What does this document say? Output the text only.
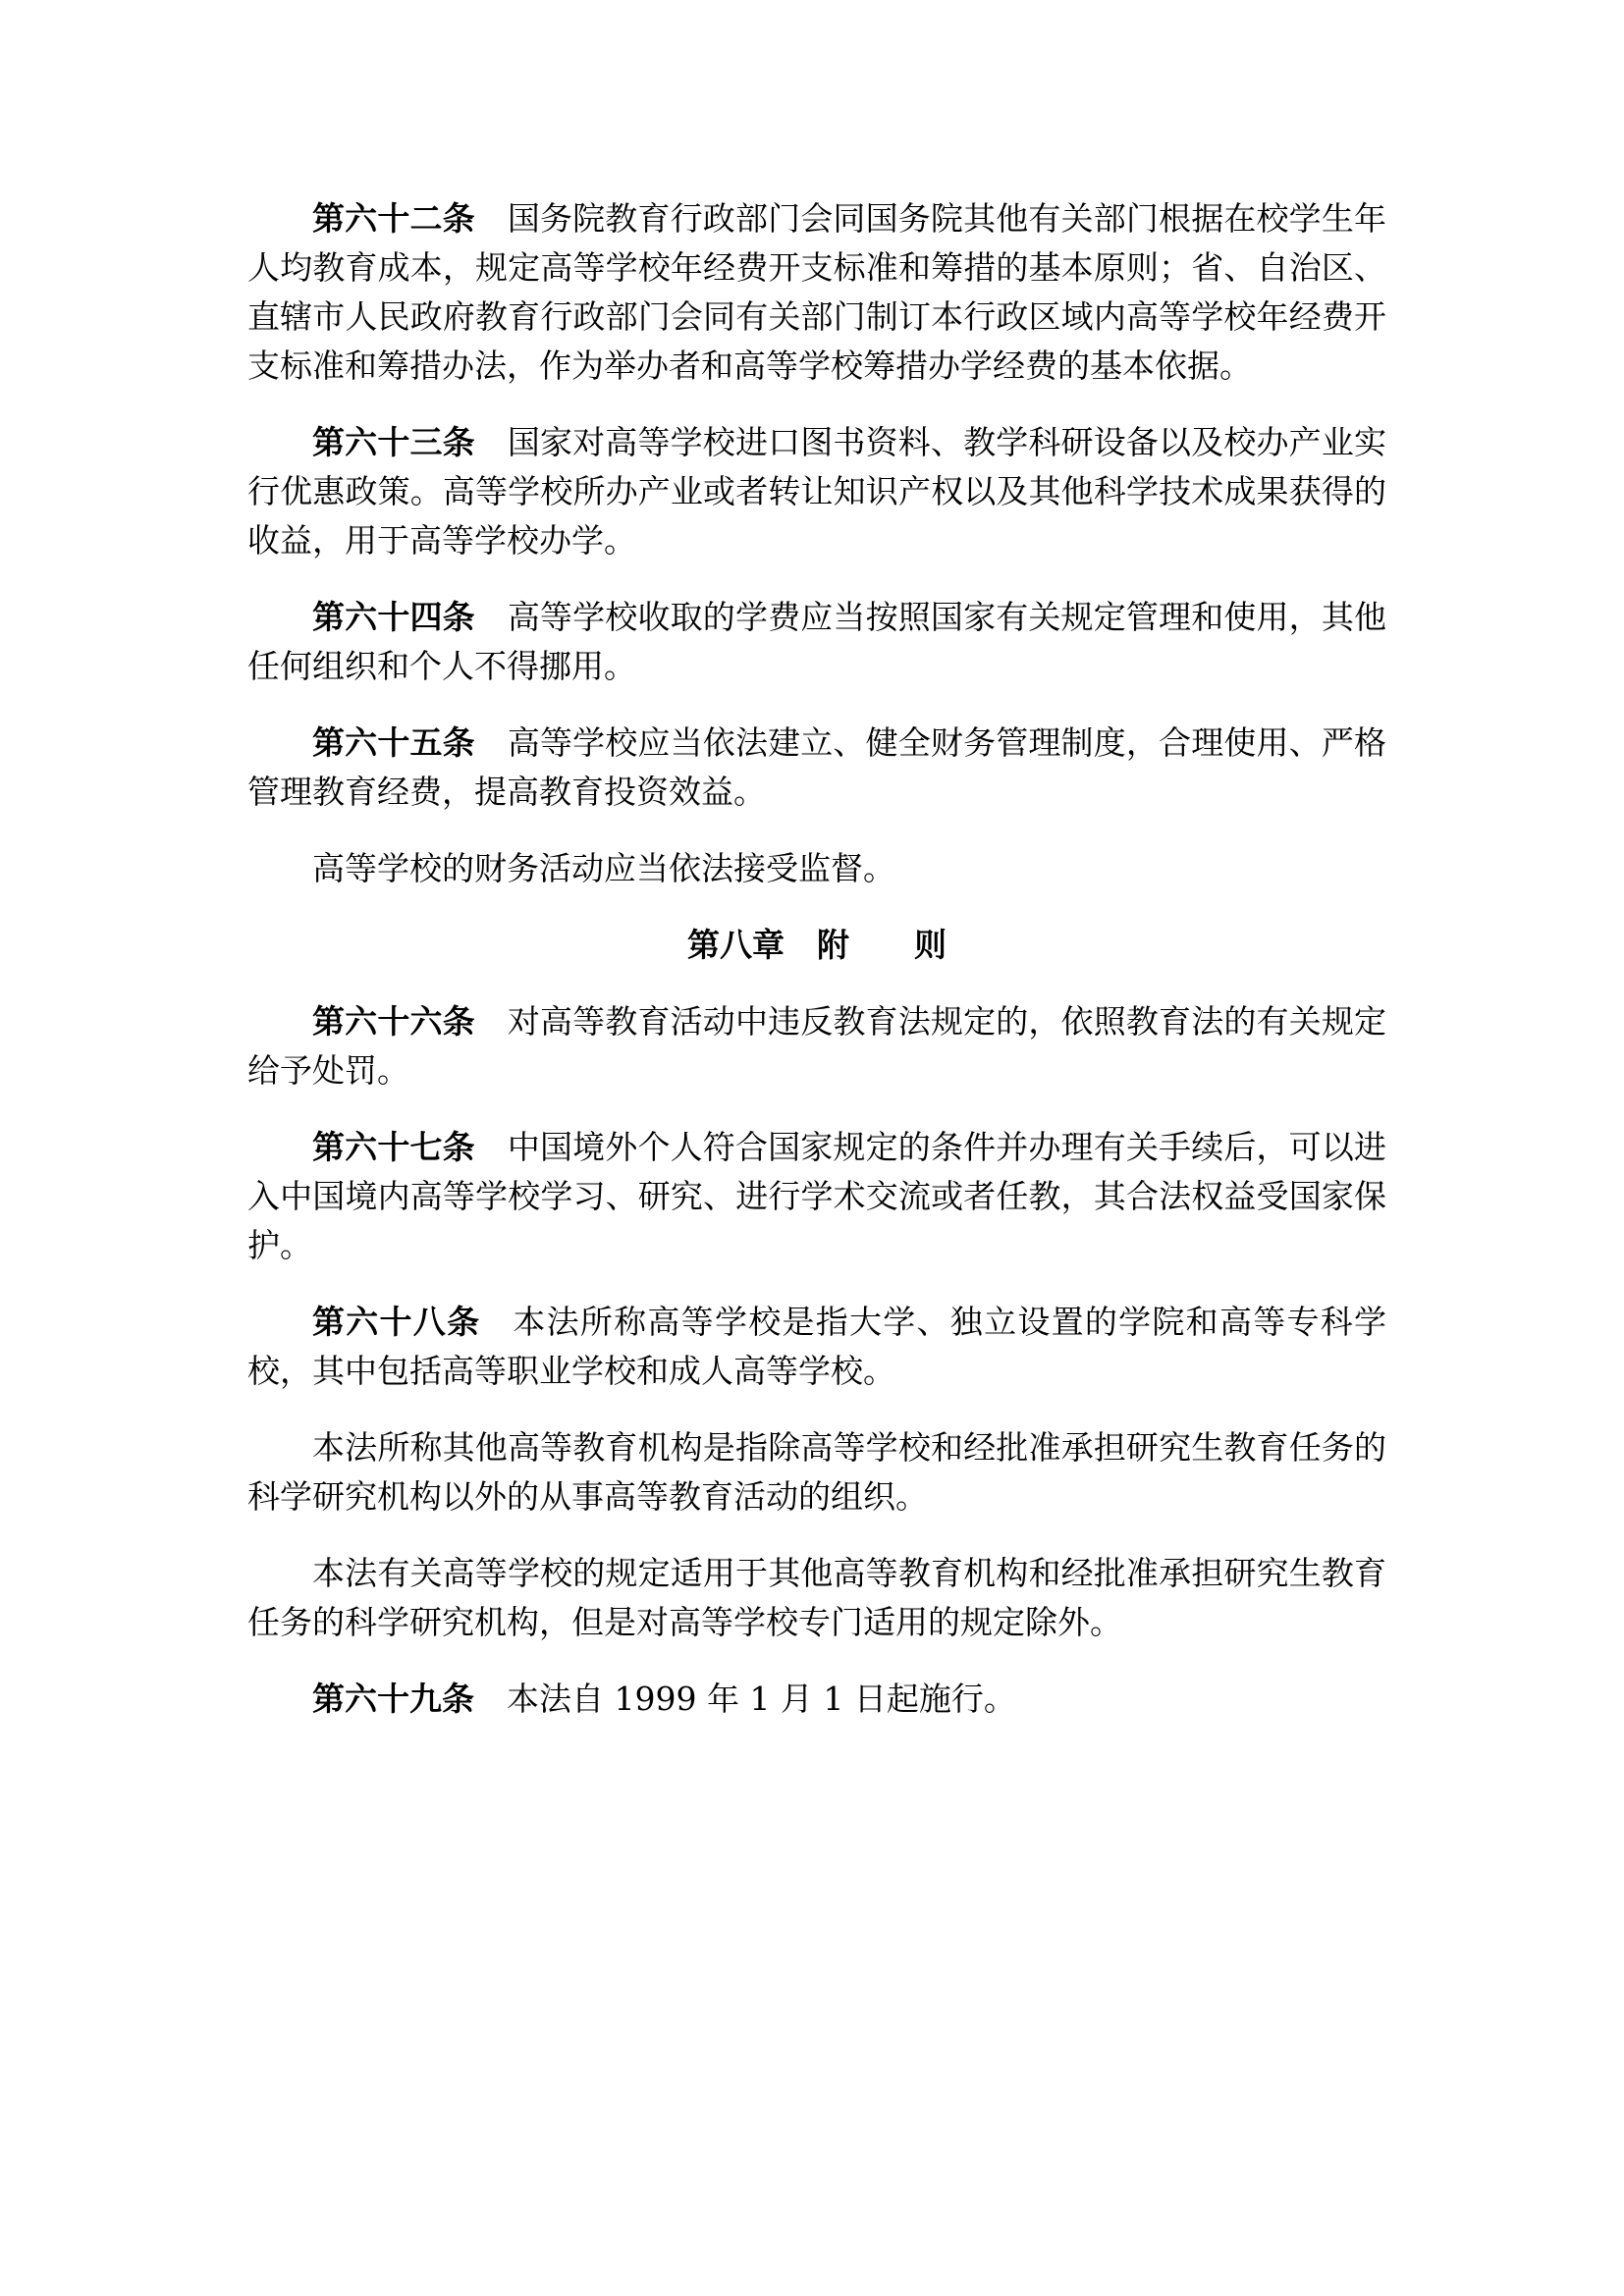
第六十二条 国务院教育行政部门会同国务院其他有关部门根据在校学生年人均教育成本，规定高等学校年经费开支标准和筹措的基本原则；省、自治区、直辖市人民政府教育行政部门会同有关部门制订本行政区域内高等学校年经费开支标准和筹措办法，作为举办者和高等学校筹措办学经费的基本依据。

第六十三条 国家对高等学校进口图书资料、教学科研设备以及校办产业实行优惠政策。高等学校所办产业或者转让知识产权以及其他科学技术成果获得的收益，用于高等学校办学。

第六十四条 高等学校收取的学费应当按照国家有关规定管理和使用，其他任何组织和个人不得挪用。

第六十五条 高等学校应当依法建立、健全财务管理制度，合理使用、严格管理教育经费，提高教育投资效益。

高等学校的财务活动应当依法接受监督。

第八章　附　　则

第六十六条 对高等教育活动中违反教育法规定的，依照教育法的有关规定给予处罚。

第六十七条 中国境外个人符合国家规定的条件并办理有关手续后，可以进入中国境内高等学校学习、研究、进行学术交流或者任教，其合法权益受国家保护。

第六十八条 本法所称高等学校是指大学、独立设置的学院和高等专科学校，其中包括高等职业学校和成人高等学校。

本法所称其他高等教育机构是指除高等学校和经批准承担研究生教育任务的科学研究机构以外的从事高等教育活动的组织。

本法有关高等学校的规定适用于其他高等教育机构和经批准承担研究生教育任务的科学研究机构，但是对高等学校专门适用的规定除外。

第六十九条 本法自 1999 年 1 月 1 日起施行。
